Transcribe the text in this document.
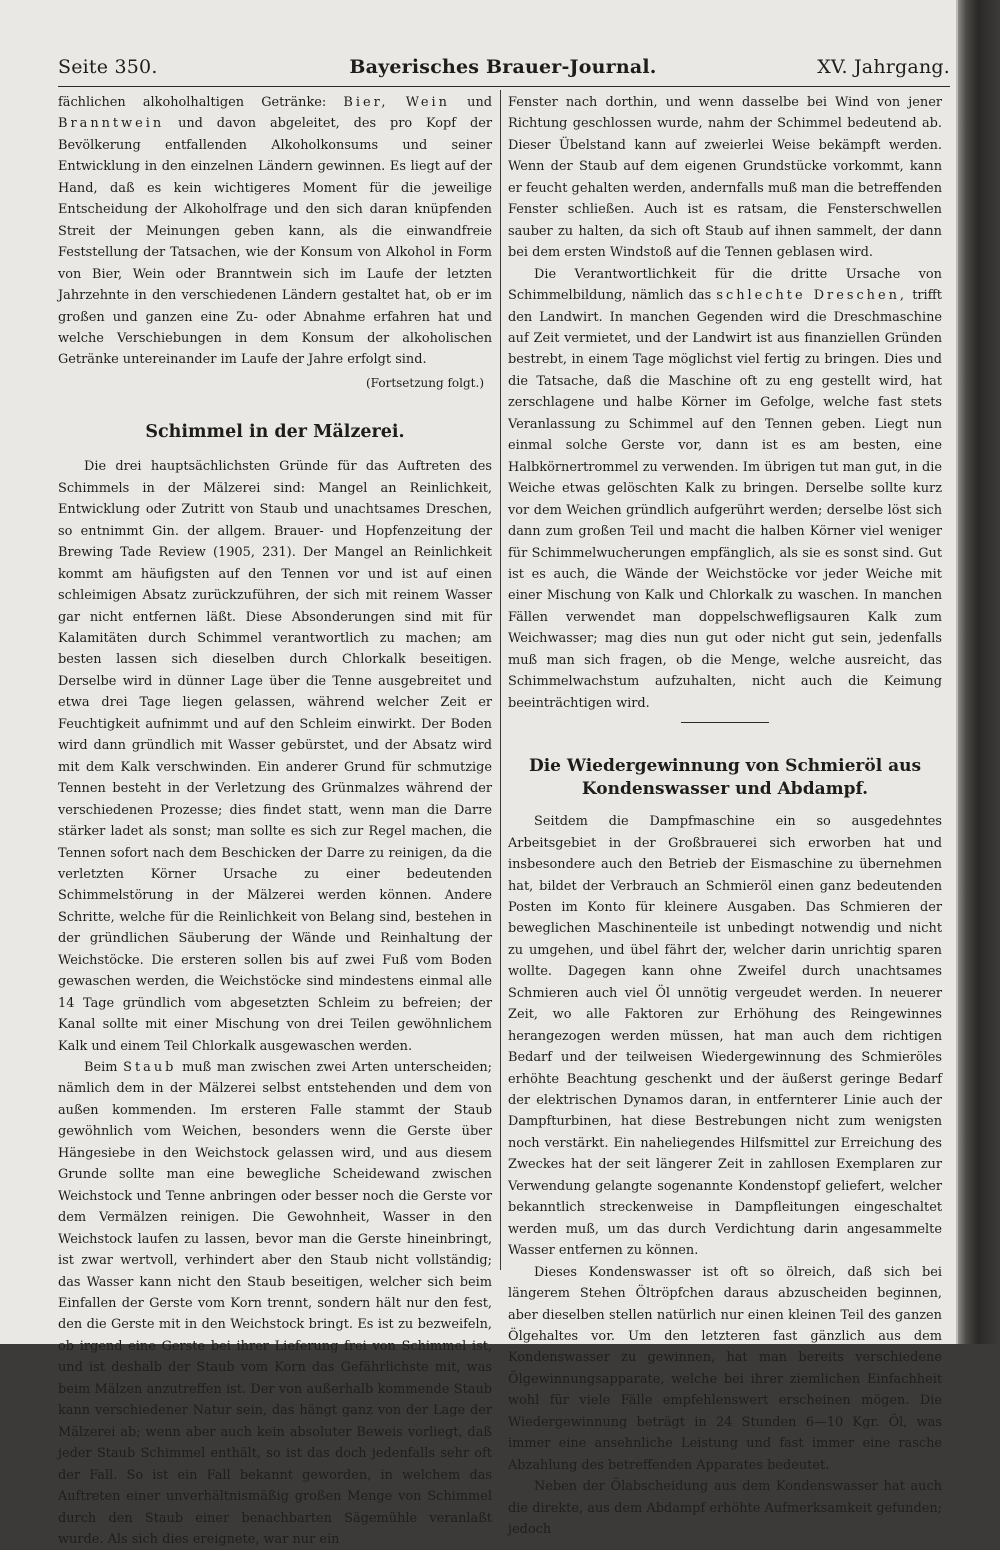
Seite 350.	Bayerisches Brauer-Journal.	XV. Jahrgang.

fächlichen alkoholhaltigen Getränke: Bier, Wein und Branntwein und davon abgeleitet, des pro Kopf der Bevölkerung entfallenden Alkoholkonsums und seiner Entwicklung in den einzelnen Ländern gewinnen. Es liegt auf der Hand, daß es kein wichtigeres Moment für die jeweilige Entscheidung der Alkoholfrage und den sich daran knüpfenden Streit der Meinungen geben kann, als die einwandfreie Feststellung der Tatsachen, wie der Konsum von Alkohol in Form von Bier, Wein oder Branntwein sich im Laufe der letzten Jahrzehnte in den verschiedenen Ländern gestaltet hat, ob er im großen und ganzen eine Zu- oder Abnahme erfahren hat und welche Verschiebungen in dem Konsum der alkoholischen Getränke untereinander im Laufe der Jahre erfolgt sind.

(Fortsetzung folgt.)

Schimmel in der Mälzerei.

Die drei hauptsächlichsten Gründe für das Auftreten des Schimmels in der Mälzerei sind: Mangel an Reinlichkeit, Entwicklung oder Zutritt von Staub und unachtsames Dreschen, so entnimmt Gin. der allgem. Brauer- und Hopfenzeitung der Brewing Tade Review (1905, 231). Der Mangel an Reinlichkeit kommt am häufigsten auf den Tennen vor und ist auf einen schleimigen Absatz zurückzuführen, der sich mit reinem Wasser gar nicht entfernen läßt. Diese Absonderungen sind mit für Kalamitäten durch Schimmel verantwortlich zu machen; am besten lassen sich dieselben durch Chlorkalk beseitigen. Derselbe wird in dünner Lage über die Tenne ausgebreitet und etwa drei Tage liegen gelassen, während welcher Zeit er Feuchtigkeit aufnimmt und auf den Schleim einwirkt. Der Boden wird dann gründlich mit Wasser gebürstet, und der Absatz wird mit dem Kalk verschwinden. Ein anderer Grund für schmutzige Tennen besteht in der Verletzung des Grünmalzes während der verschiedenen Prozesse; dies findet statt, wenn man die Darre stärker ladet als sonst; man sollte es sich zur Regel machen, die Tennen sofort nach dem Beschicken der Darre zu reinigen, da die verletzten Körner Ursache zu einer bedeutenden Schimmelstörung in der Mälzerei werden können. Andere Schritte, welche für die Reinlichkeit von Belang sind, bestehen in der gründlichen Säuberung der Wände und Reinhaltung der Weichstöcke. Die ersteren sollen bis auf zwei Fuß vom Boden gewaschen werden, die Weichstöcke sind mindestens einmal alle 14 Tage gründlich vom abgesetzten Schleim zu befreien; der Kanal sollte mit einer Mischung von drei Teilen gewöhnlichem Kalk und einem Teil Chlorkalk ausgewaschen werden.

Beim Staub muß man zwischen zwei Arten unterscheiden; nämlich dem in der Mälzerei selbst entstehenden und dem von außen kommenden. Im ersteren Falle stammt der Staub gewöhnlich vom Weichen, besonders wenn die Gerste über Hängesiebe in den Weichstock gelassen wird, und aus diesem Grunde sollte man eine bewegliche Scheidewand zwischen Weichstock und Tenne anbringen oder besser noch die Gerste vor dem Vermälzen reinigen. Die Gewohnheit, Wasser in den Weichstock laufen zu lassen, bevor man die Gerste hineinbringt, ist zwar wertvoll, verhindert aber den Staub nicht vollständig; das Wasser kann nicht den Staub beseitigen, welcher sich beim Einfallen der Gerste vom Korn trennt, sondern hält nur den fest, den die Gerste mit in den Weichstock bringt. Es ist zu bezweifeln, ob irgend eine Gerste bei ihrer Lieferung frei von Schimmel ist, und ist deshalb der Staub vom Korn das Gefährlichste mit, was beim Mälzen anzutreffen ist. Der von außerhalb kommende Staub kann verschiedener Natur sein, das hängt ganz von der Lage der Mälzerei ab; wenn aber auch kein absoluter Beweis vorliegt, daß jeder Staub Schimmel enthält, so ist das doch jedenfalls sehr oft der Fall. So ist ein Fall bekannt geworden, in welchem das Auftreten einer unverhältnismäßig großen Menge von Schimmel durch den Staub einer benachbarten Sägemühle veranlaßt wurde. Als sich dies ereignete, war nur ein

Fenster nach dorthin, und wenn dasselbe bei Wind von jener Richtung geschlossen wurde, nahm der Schimmel bedeutend ab. Dieser Übelstand kann auf zweierlei Weise bekämpft werden. Wenn der Staub auf dem eigenen Grundstücke vorkommt, kann er feucht gehalten werden, andernfalls muß man die betreffenden Fenster schließen. Auch ist es ratsam, die Fensterschwellen sauber zu halten, da sich oft Staub auf ihnen sammelt, der dann bei dem ersten Windstoß auf die Tennen geblasen wird.

Die Verantwortlichkeit für die dritte Ursache von Schimmelbildung, nämlich das schlechte Dreschen, trifft den Landwirt. In manchen Gegenden wird die Dreschmaschine auf Zeit vermietet, und der Landwirt ist aus finanziellen Gründen bestrebt, in einem Tage möglichst viel fertig zu bringen. Dies und die Tatsache, daß die Maschine oft zu eng gestellt wird, hat zerschlagene und halbe Körner im Gefolge, welche fast stets Veranlassung zu Schimmel auf den Tennen geben. Liegt nun einmal solche Gerste vor, dann ist es am besten, eine Halbkörnertrommel zu verwenden. Im übrigen tut man gut, in die Weiche etwas gelöschten Kalk zu bringen. Derselbe sollte kurz vor dem Weichen gründlich aufgerührt werden; derselbe löst sich dann zum großen Teil und macht die halben Körner viel weniger für Schimmelwucherungen empfänglich, als sie es sonst sind. Gut ist es auch, die Wände der Weichstöcke vor jeder Weiche mit einer Mischung von Kalk und Chlorkalk zu waschen. In manchen Fällen verwendet man doppelschwefligsauren Kalk zum Weichwasser; mag dies nun gut oder nicht gut sein, jedenfalls muß man sich fragen, ob die Menge, welche ausreicht, das Schimmelwachstum aufzuhalten, nicht auch die Keimung beeinträchtigen wird.

Die Wiedergewinnung von Schmieröl aus Kondenswasser und Abdampf.

Seitdem die Dampfmaschine ein so ausgedehntes Arbeitsgebiet in der Großbrauerei sich erworben hat und insbesondere auch den Betrieb der Eismaschine zu übernehmen hat, bildet der Verbrauch an Schmieröl einen ganz bedeutenden Posten im Konto für kleinere Ausgaben. Das Schmieren der beweglichen Maschinenteile ist unbedingt notwendig und nicht zu umgehen, und übel fährt der, welcher darin unrichtig sparen wollte. Dagegen kann ohne Zweifel durch unachtsames Schmieren auch viel Öl unnötig vergeudet werden. In neuerer Zeit, wo alle Faktoren zur Erhöhung des Reingewinnes herangezogen werden müssen, hat man auch dem richtigen Bedarf und der teilweisen Wiedergewinnung des Schmieröles erhöhte Beachtung geschenkt und der äußerst geringe Bedarf der elektrischen Dynamos daran, in entfernterer Linie auch der Dampfturbinen, hat diese Bestrebungen nicht zum wenigsten noch verstärkt. Ein naheliegendes Hilfsmittel zur Erreichung des Zweckes hat der seit längerer Zeit in zahllosen Exemplaren zur Verwendung gelangte sogenannte Kondenstopf geliefert, welcher bekanntlich streckenweise in Dampfleitungen eingeschaltet werden muß, um das durch Verdichtung darin angesammelte Wasser entfernen zu können.

Dieses Kondenswasser ist oft so ölreich, daß sich bei längerem Stehen Öltröpfchen daraus abzuscheiden beginnen, aber dieselben stellen natürlich nur einen kleinen Teil des ganzen Ölgehaltes vor. Um den letzteren fast gänzlich aus dem Kondenswasser zu gewinnen, hat man bereits verschiedene Ölgewinnungsapparate, welche bei ihrer ziemlichen Einfachheit wohl für viele Fälle empfehlenswert erscheinen mögen. Die Wiedergewinnung beträgt in 24 Stunden 6—10 Kgr. Öl, was immer eine ansehnliche Leistung und fast immer eine rasche Abzahlung des betreffenden Apparates bedeutet.

Neben der Ölabscheidung aus dem Kondenswasser hat auch die direkte, aus dem Abdampf erhöhte Aufmerksamkeit gefunden; jedoch
